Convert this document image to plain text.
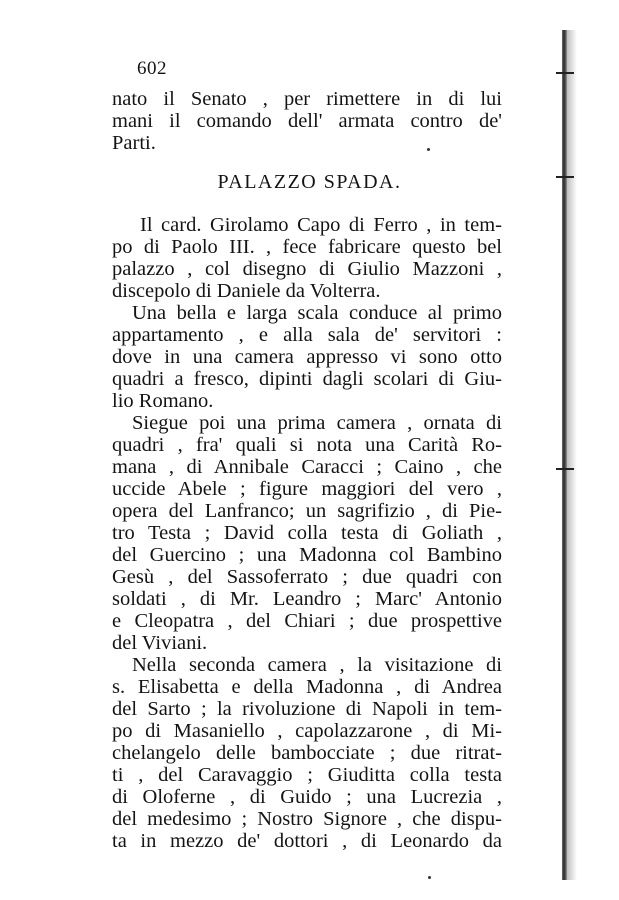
602
nato il Senato , per rimettere in di lui
mani il comando dell' armata contro de'
Parti.
PALAZZO SPADA.
Il card. Girolamo Capo di Ferro , in tem-
po di Paolo III. , fece fabricare questo bel
palazzo , col disegno di Giulio Mazzoni ,
discepolo di Daniele da Volterra.
Una bella e larga scala conduce al primo
appartamento , e alla sala de' servitori :
dove in una camera appresso vi sono otto
quadri a fresco, dipinti dagli scolari di Giu-
lio Romano.
Siegue poi una prima camera , ornata di
quadri , fra' quali si nota una Carità Ro-
mana , di Annibale Caracci ; Caino , che
uccide Abele ; figure maggiori del vero ,
opera del Lanfranco; un sagrifizio , di Pie-
tro Testa ; David colla testa di Goliath ,
del Guercino ; una Madonna col Bambino
Gesù , del Sassoferrato ; due quadri con
soldati , di Mr. Leandro ; Marc' Antonio
e Cleopatra , del Chiari ; due prospettive
del Viviani.
Nella seconda camera , la visitazione di
s. Elisabetta e della Madonna , di Andrea
del Sarto ; la rivoluzione di Napoli in tem-
po di Masaniello , capolazzarone , di Mi-
chelangelo delle bambocciate ; due ritrat-
ti , del Caravaggio ; Giuditta colla testa
di Oloferne , di Guido ; una Lucrezia ,
del medesimo ; Nostro Signore , che dispu-
ta in mezzo de' dottori , di Leonardo da
